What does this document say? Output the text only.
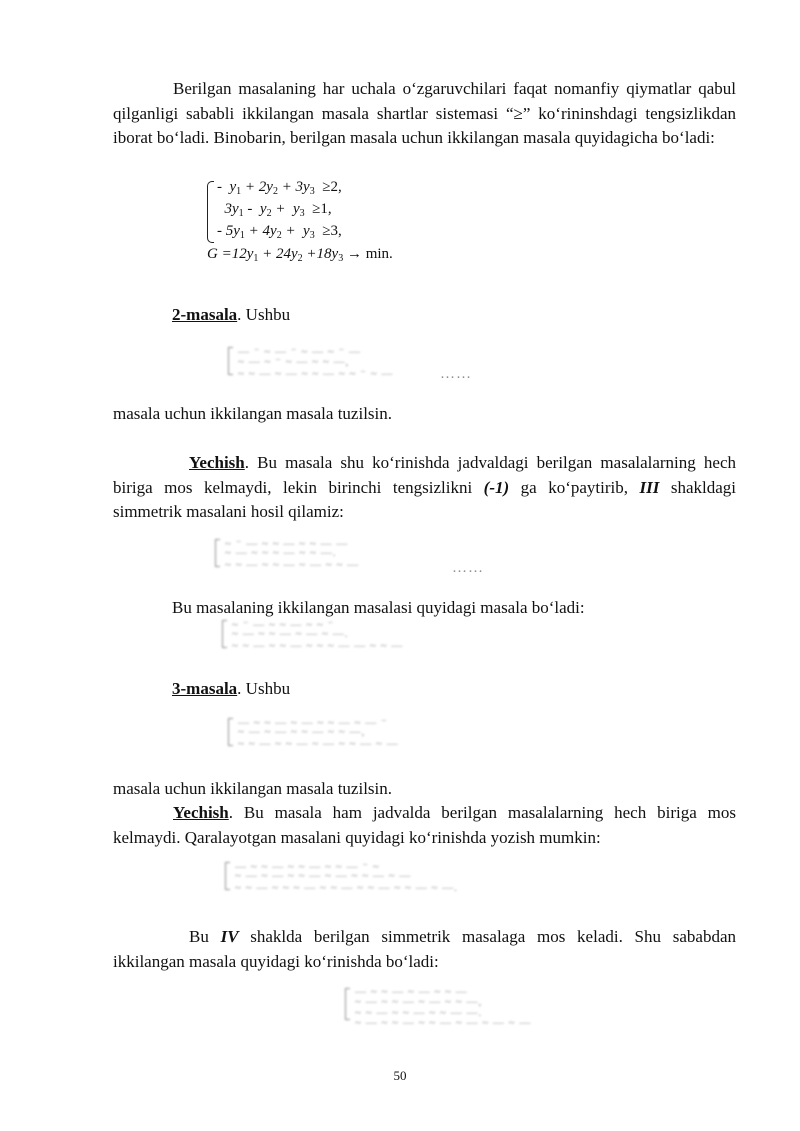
Berilgan masalaning har uchala o‘zgaruvchilari faqat nomanfiy qiymatlar qabul qilganligi sababli ikkilangan masala shartlar sistemasi “≥” ko‘rininshdagi tengsizlikdan iborat bo‘ladi. Binobarin, berilgan masala uchun ikkilangan masala quyidagicha bo‘ladi:

-  $y_1 + 2y_2 + 3y_3 \ge 2$,
$3y_1 - y_2 + y_3 \ge 1$,
- $5y_1 + 4y_2 + y_3 \ge 3$,
$G =12y_1 + 24y_2 +18y_3 \to \min$.

2-masala. Ushbu

— ⁻ ~ — ⁻ ~ — ~ ⁻ —
~ — ~ ⁻ ~ — ~ ~ —,
~ ~ — ~ — ~ ~ — ~ ~ ⁻ ~ —	……

masala uchun ikkilangan masala tuzilsin.

Yechish. Bu masala shu ko‘rinishda jadvaldagi berilgan masalalarning hech biriga mos kelmaydi, lekin birinchi tengsizlikni (-1) ga ko‘paytirib, III shakldagi simmetrik masalani hosil qilamiz:

~ ⁻ — ~ ~ — ~ ~ — —
~ — ~ ~ ~ — ~ ~ —.
~ ~ — ~ ~ — ~ — ~ ~ —	……

Bu masalaning ikkilangan masalasi quyidagi masala bo‘ladi:

~ ⁻ — ~ ~ — ~ ~ ⁻
~ — ~ ~ — ~ — ~ —.
~ ~ — ~ ~ — ~ ~ ~ — — ~ ~ —

3-masala. Ushbu

— ~ ~ — ~ — ~ ~ — ~ — ⁻
~ — ~ — ~ ~ — ~ ~ —,
~ ~ — ~ ~ — ~ — ~ ~ — ~ —

masala uchun ikkilangan masala tuzilsin.

Yechish. Bu masala ham jadvalda berilgan masalalarning hech biriga mos kelmaydi. Qaralayotgan masalani quyidagi ko‘rinishda yozish mumkin:

— ~ ~ — ~ ~ — ~ ~ — ⁻ ~
~ — ~ — ~ ~ — ~ — ~ ~ — ~ —
~ ~ — ~ ~ ~ — ~ ~ — ~ ~ — ~ ~ — ~ —.

Bu IV shaklda berilgan simmetrik masalaga mos keladi. Shu sababdan ikkilangan masala quyidagi ko‘rinishda bo‘ladi:

— ~ ~ — ~ — ~ ~ —
~ — ~ ~ — ~ — ~ ~ —,
~ ~ — ~ ~ — ~ ~ — —.
~ — ~ ~ — ~ ~ — ~ — ~ — ~ —
50
